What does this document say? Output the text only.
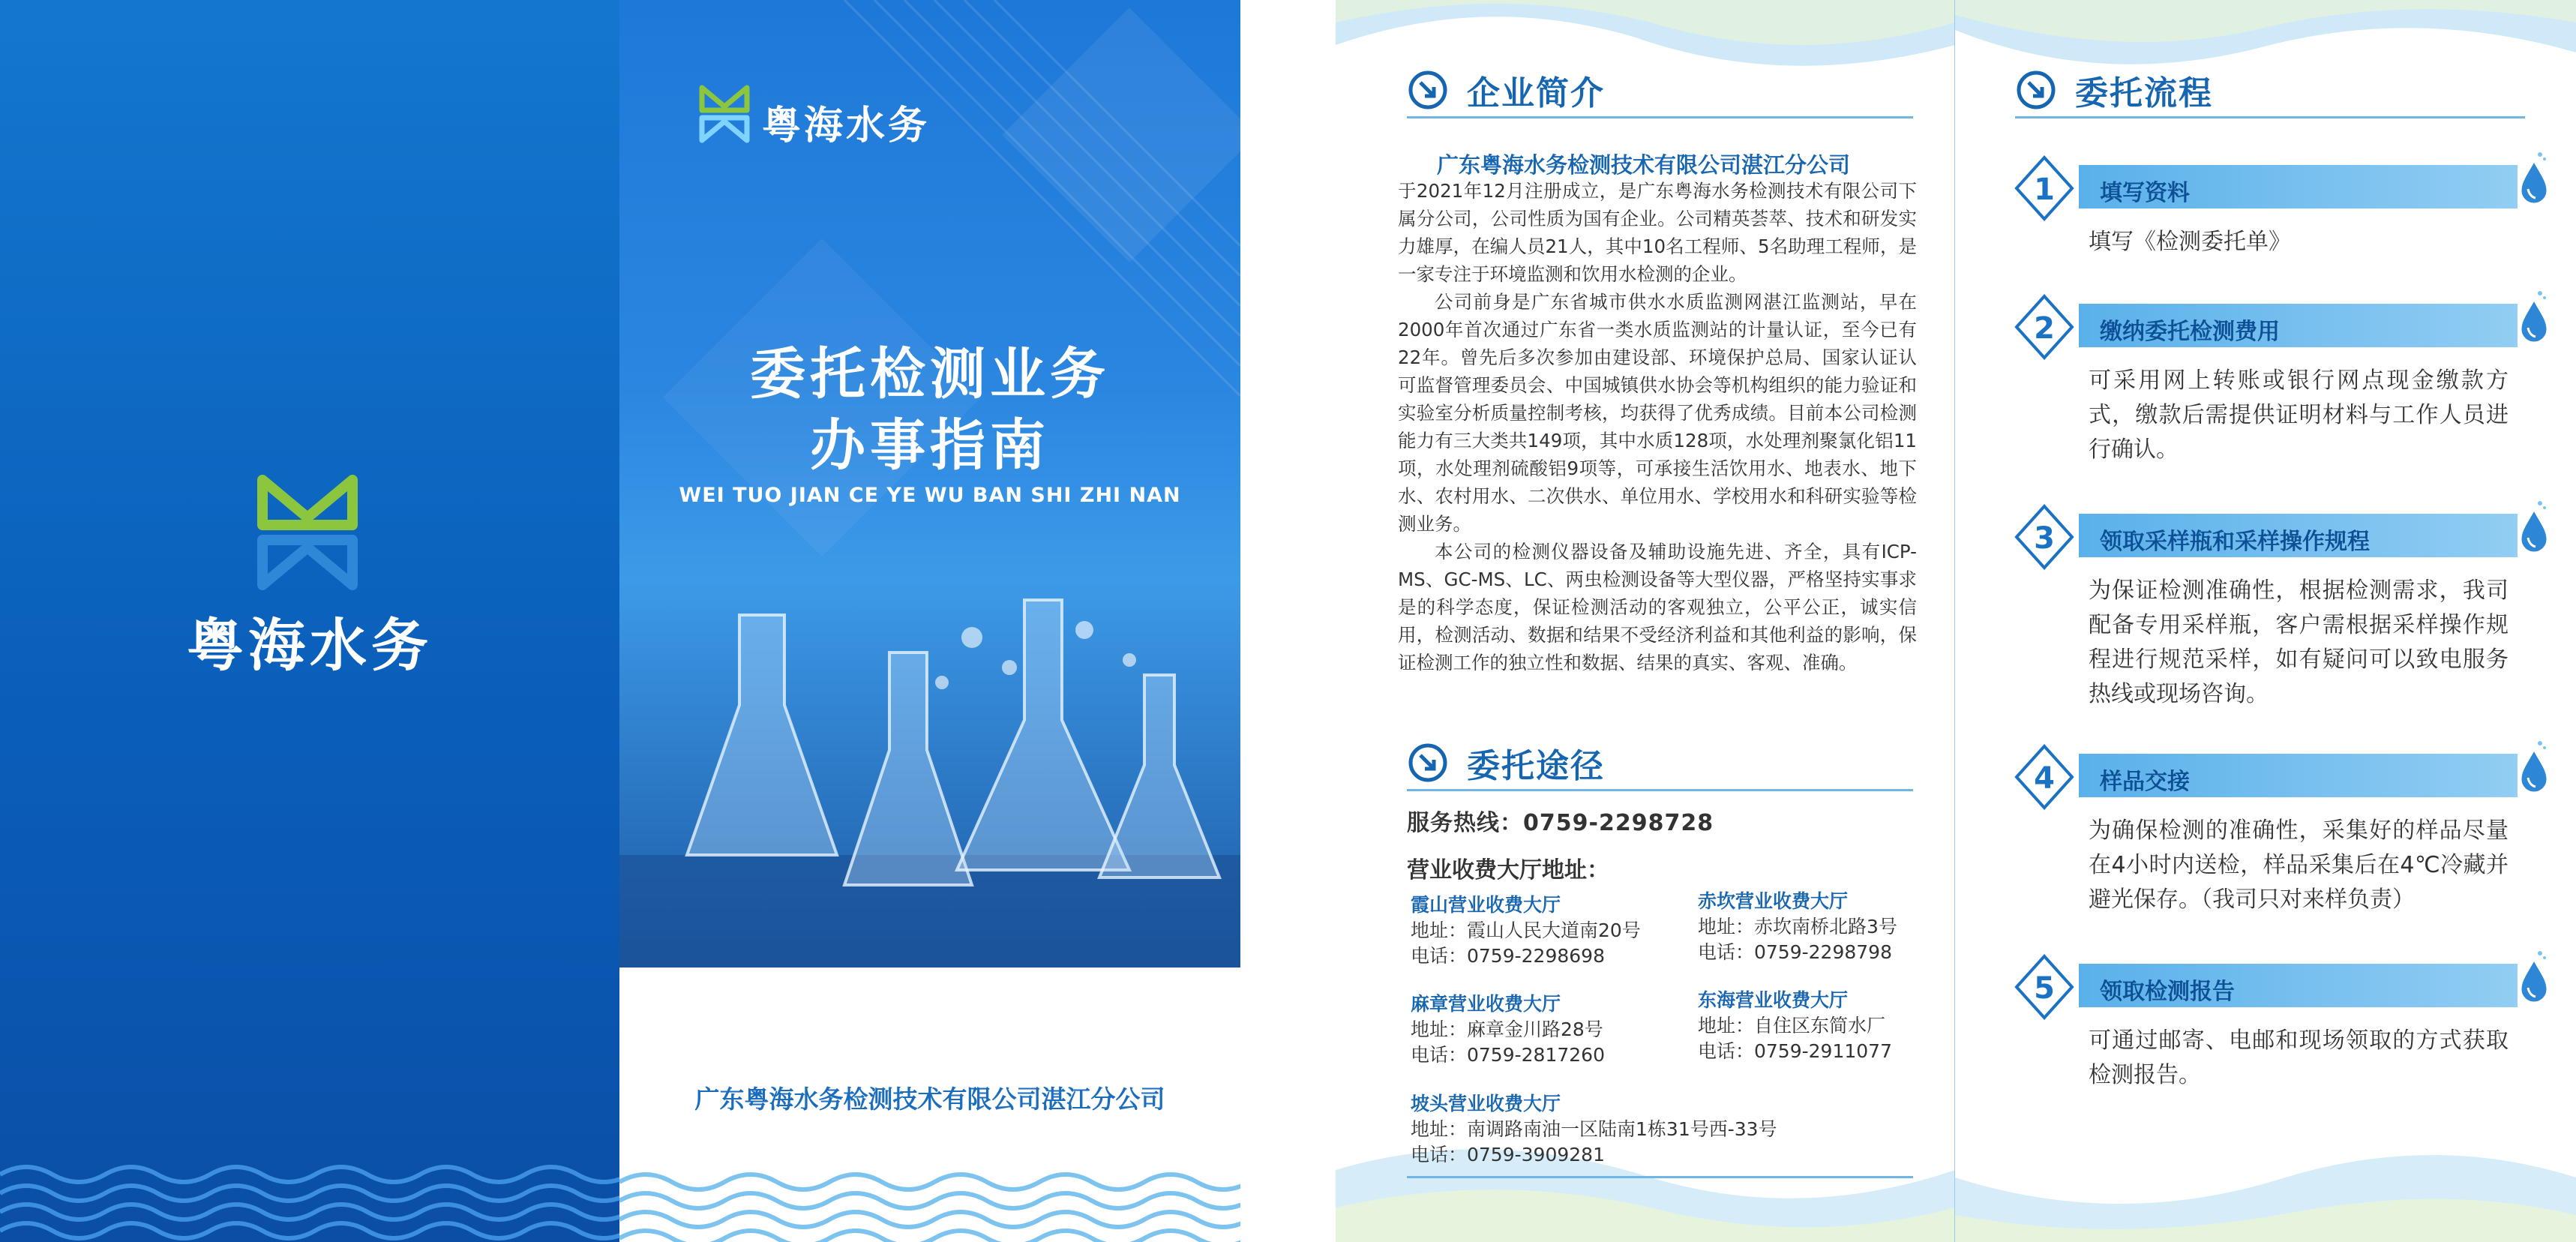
粤海水务
粤海水务
委托检测业务
办事指南
WEI TUO JIAN CE YE WU BAN SHI ZHI NAN
广东粤海水务检测技术有限公司湛江分公司
企业简介
广东粤海水务检测技术有限公司湛江分公司

于2021年12月注册成立，是广东粤海水务检测技术有限公司下属分公司，公司性质为国有企业。公司精英荟萃、技术和研发实力雄厚，在编人员21人，其中10名工程师、5名助理工程师，是一家专注于环境监测和饮用水检测的企业。

公司前身是广东省城市供水水质监测网湛江监测站，早在2000年首次通过广东省一类水质监测站的计量认证，至今已有22年。曾先后多次参加由建设部、环境保护总局、国家认证认可监督管理委员会、中国城镇供水协会等机构组织的能力验证和实验室分析质量控制考核，均获得了优秀成绩。目前本公司检测能力有三大类共149项，其中水质128项，水处理剂聚氯化铝11项，水处理剂硫酸铝9项等，可承接生活饮用水、地表水、地下水、农村用水、二次供水、单位用水、学校用水和科研实验等检测业务。

本公司的检测仪器设备及辅助设施先进、齐全，具有ICP-MS、GC-MS、LC、两虫检测设备等大型仪器，严格坚持实事求是的科学态度，保证检测活动的客观独立，公平公正，诚实信用，检测活动、数据和结果不受经济利益和其他利益的影响，保证检测工作的独立性和数据、结果的真实、客观、准确。

委托途径
服务热线：0759-2298728
营业收费大厅地址：
霞山营业收费大厅
地址：霞山人民大道南20号
电话：0759-2298698
赤坎营业收费大厅
地址：赤坎南桥北路3号
电话：0759-2298798
麻章营业收费大厅
地址：麻章金川路28号
电话：0759-2817260
东海营业收费大厅
地址：自住区东简水厂
电话：0759-2911077
坡头营业收费大厅
地址：南调路南油一区陆南1栋31号西-33号
电话：0759-3909281
委托流程
1 填写资料
填写《检测委托单》
2 缴纳委托检测费用
可采用网上转账或银行网点现金缴款方式，缴款后需提供证明材料与工作人员进行确认。
3 领取采样瓶和采样操作规程
为保证检测准确性，根据检测需求，我司配备专用采样瓶，客户需根据采样操作规程进行规范采样，如有疑问可以致电服务热线或现场咨询。
4 样品交接
为确保检测的准确性，采集好的样品尽量在4小时内送检，样品采集后在4℃冷藏并避光保存。（我司只对来样负责）
5 领取检测报告
可通过邮寄、电邮和现场领取的方式获取检测报告。
